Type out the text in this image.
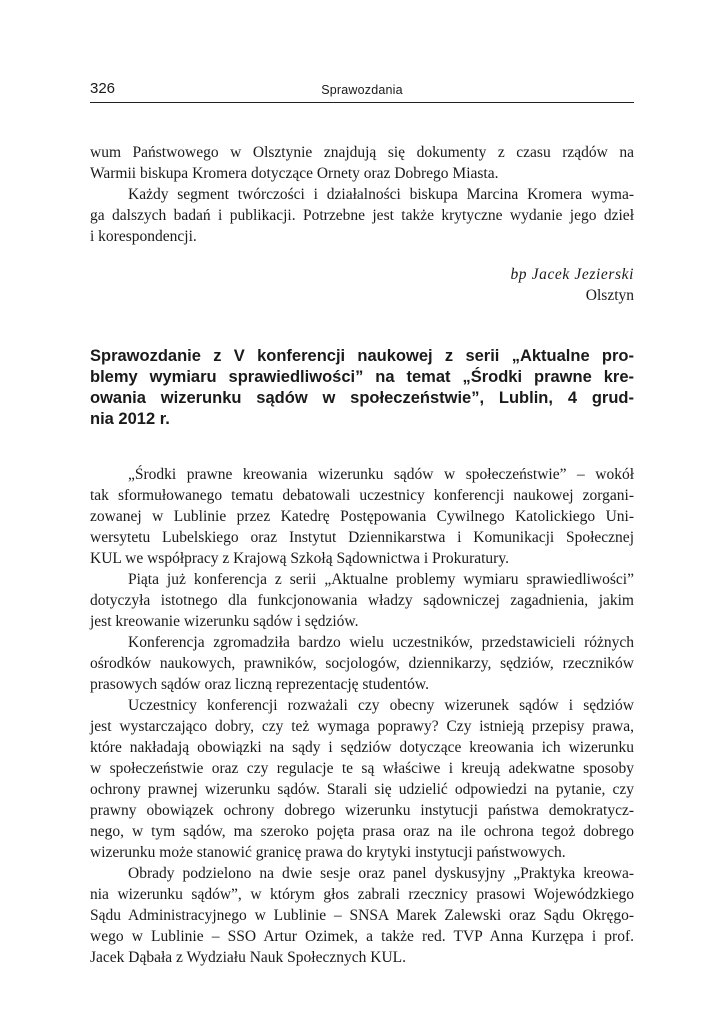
326	Sprawozdania
wum Państwowego w Olsztynie znajdują się dokumenty z czasu rządów na
Warmii biskupa Kromera dotyczące Ornety oraz Dobrego Miasta.
Każdy segment twórczości i działalności biskupa Marcina Kromera wyma-
ga dalszych badań i publikacji. Potrzebne jest także krytyczne wydanie jego dzieł
i korespondencji.
bp Jacek Jezierski
Olsztyn
Sprawozdanie z V konferencji naukowej z serii „Aktualne pro-
blemy wymiaru sprawiedliwości” na temat „Środki prawne kre-
owania wizerunku sądów w społeczeństwie”, Lublin, 4 grud-
nia 2012 r.
„Środki prawne kreowania wizerunku sądów w społeczeństwie” – wokół
tak sformułowanego tematu debatowali uczestnicy konferencji naukowej zorgani-
zowanej w Lublinie przez Katedrę Postępowania Cywilnego Katolickiego Uni-
wersytetu Lubelskiego oraz Instytut Dziennikarstwa i Komunikacji Społecznej
KUL we współpracy z Krajową Szkołą Sądownictwa i Prokuratury.
Piąta już konferencja z serii „Aktualne problemy wymiaru sprawiedliwości”
dotyczyła istotnego dla funkcjonowania władzy sądowniczej zagadnienia, jakim
jest kreowanie wizerunku sądów i sędziów.
Konferencja zgromadziła bardzo wielu uczestników, przedstawicieli różnych
ośrodków naukowych, prawników, socjologów, dziennikarzy, sędziów, rzeczników
prasowych sądów oraz liczną reprezentację studentów.
Uczestnicy konferencji rozważali czy obecny wizerunek sądów i sędziów
jest wystarczająco dobry, czy też wymaga poprawy? Czy istnieją przepisy prawa,
które nakładają obowiązki na sądy i sędziów dotyczące kreowania ich wizerunku
w społeczeństwie oraz czy regulacje te są właściwe i kreują adekwatne sposoby
ochrony prawnej wizerunku sądów. Starali się udzielić odpowiedzi na pytanie, czy
prawny obowiązek ochrony dobrego wizerunku instytucji państwa demokratycz-
nego, w tym sądów, ma szeroko pojęta prasa oraz na ile ochrona tegoż dobrego
wizerunku może stanowić granicę prawa do krytyki instytucji państwowych.
Obrady podzielono na dwie sesje oraz panel dyskusyjny „Praktyka kreowa-
nia wizerunku sądów”, w którym głos zabrali rzecznicy prasowi Wojewódzkiego
Sądu Administracyjnego w Lublinie – SNSA Marek Zalewski oraz Sądu Okręgo-
wego w Lublinie – SSO Artur Ozimek, a także red. TVP Anna Kurzępa i prof.
Jacek Dąbała z Wydziału Nauk Społecznych KUL.
